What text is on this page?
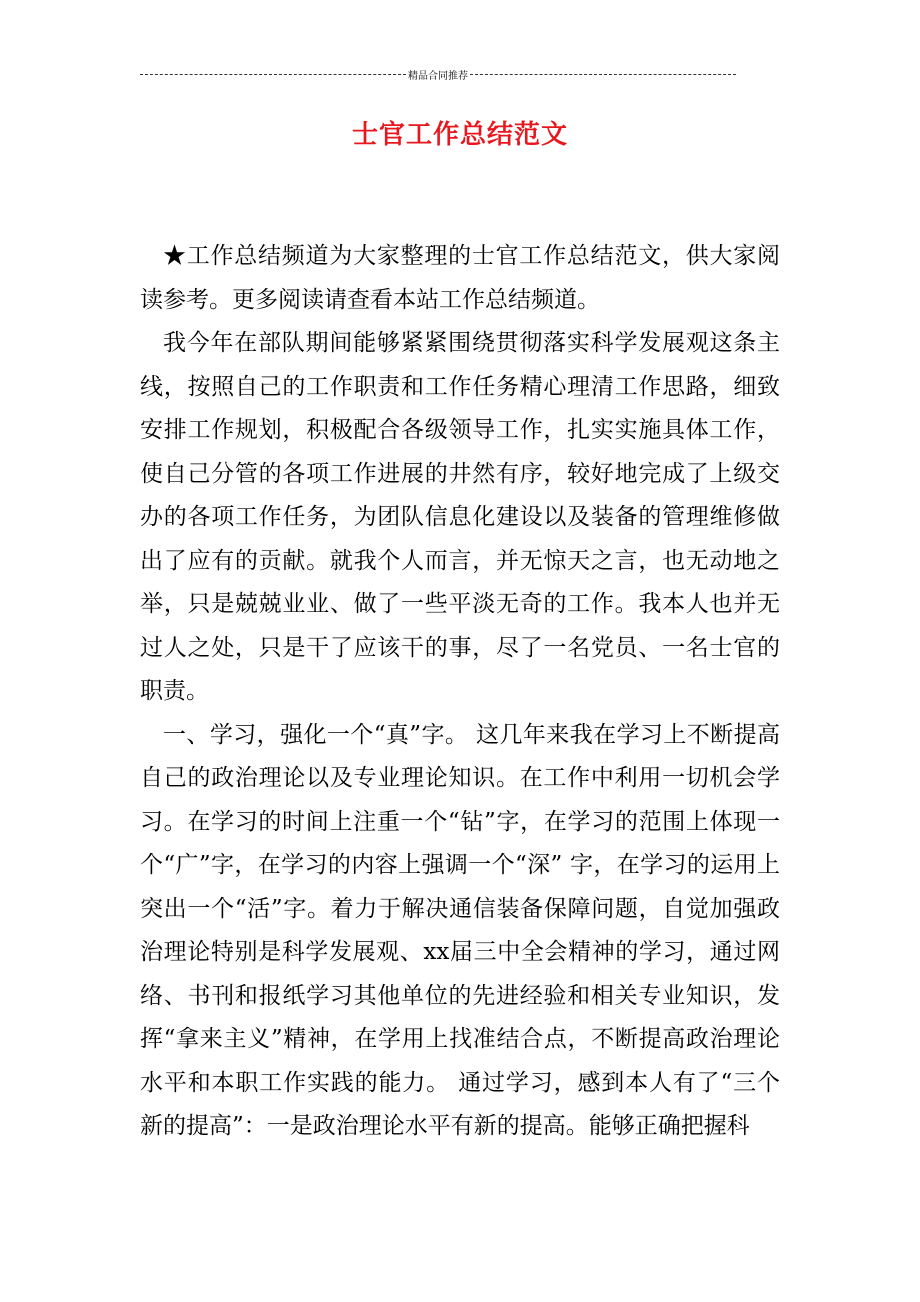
精品合同推荐
士官工作总结范文

★工作总结频道为大家整理的士官工作总结范文，供大家阅读参考。更多阅读请查看本站工作总结频道。

我今年在部队期间能够紧紧围绕贯彻落实科学发展观这条主线，按照自己的工作职责和工作任务精心理清工作思路，细致安排工作规划，积极配合各级领导工作，扎实实施具体工作，使自己分管的各项工作进展的井然有序，较好地完成了上级交办的各项工作任务，为团队信息化建设以及装备的管理维修做出了应有的贡献。就我个人而言，并无惊天之言，也无动地之举，只是兢兢业业、做了一些平淡无奇的工作。我本人也并无过人之处，只是干了应该干的事，尽了一名党员、一名士官的职责。

一、学习，强化一个“真”字。 这几年来我在学习上不断提高自己的政治理论以及专业理论知识。在工作中利用一切机会学习。在学习的时间上注重一个“钻”字，在学习的范围上体现一个“广”字，在学习的内容上强调一个“深” 字，在学习的运用上突出一个“活”字。着力于解决通信装备保障问题，自觉加强政治理论特别是科学发展观、xx届三中全会精神的学习，通过网络、书刊和报纸学习其他单位的先进经验和相关专业知识，发挥“拿来主义”精神，在学用上找准结合点，不断提高政治理论水平和本职工作实践的能力。 通过学习，感到本人有了“三个新的提高”：一是政治理论水平有新的提高。能够正确把握科
